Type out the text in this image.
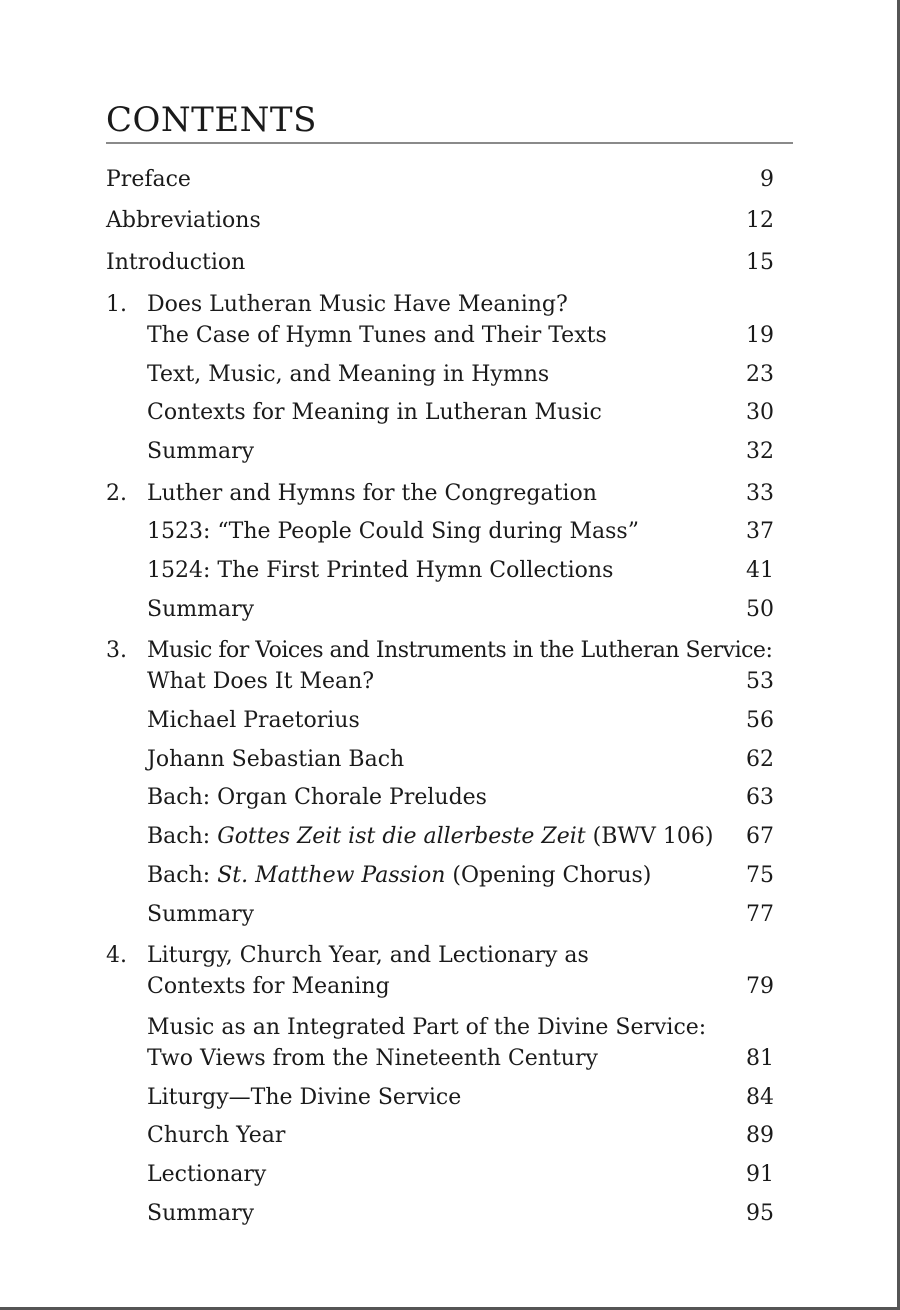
CONTENTS
Preface	9
Abbreviations	12
Introduction	15
1. Does Lutheran Music Have Meaning?
The Case of Hymn Tunes and Their Texts	19
Text, Music, and Meaning in Hymns	23
Contexts for Meaning in Lutheran Music	30
Summary	32
2. Luther and Hymns for the Congregation	33
1523: “The People Could Sing during Mass”	37
1524: The First Printed Hymn Collections	41
Summary	50
3. Music for Voices and Instruments in the Lutheran Service:
What Does It Mean?	53
Michael Praetorius	56
Johann Sebastian Bach	62
Bach: Organ Chorale Preludes	63
Bach: Gottes Zeit ist die allerbeste Zeit (BWV 106) 67
Bach: St. Matthew Passion (Opening Chorus)	75
Summary	77
4. Liturgy, Church Year, and Lectionary as
Contexts for Meaning	79
Music as an Integrated Part of the Divine Service:
Two Views from the Nineteenth Century	81
Liturgy—The Divine Service	84
Church Year	89
Lectionary	91
Summary	95
